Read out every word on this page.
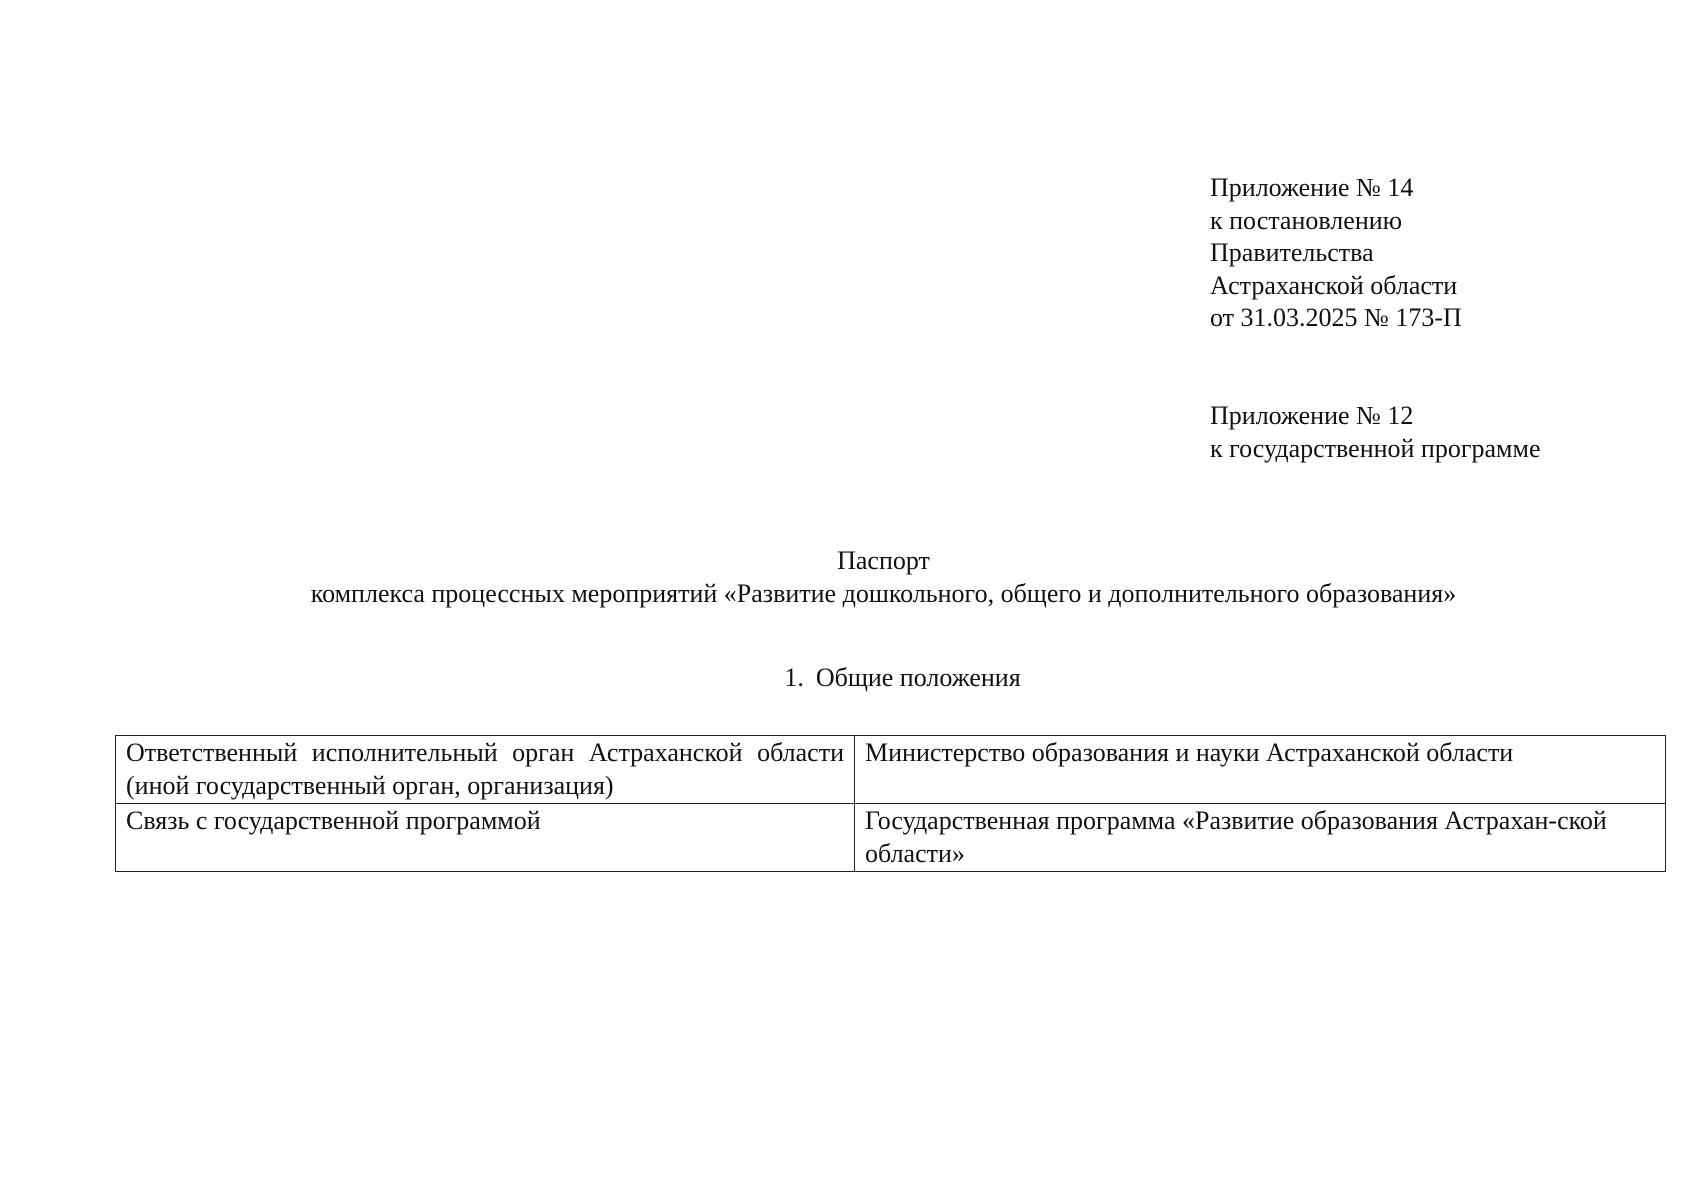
Приложение № 14
к постановлению
Правительства
Астраханской области
от 31.03.2025 № 173-П
Приложение № 12
к государственной программе
Паспорт
комплекса процессных мероприятий «Развитие дошкольного, общего и дополнительного образования»
1. Общие положения
Ответственный исполнительный орган Астраханской области (иной государственный орган, организация)	Министерство образования и науки Астраханской области
Связь с государственной программой	Государственная программа «Развитие образования Астрахан-ской области»
